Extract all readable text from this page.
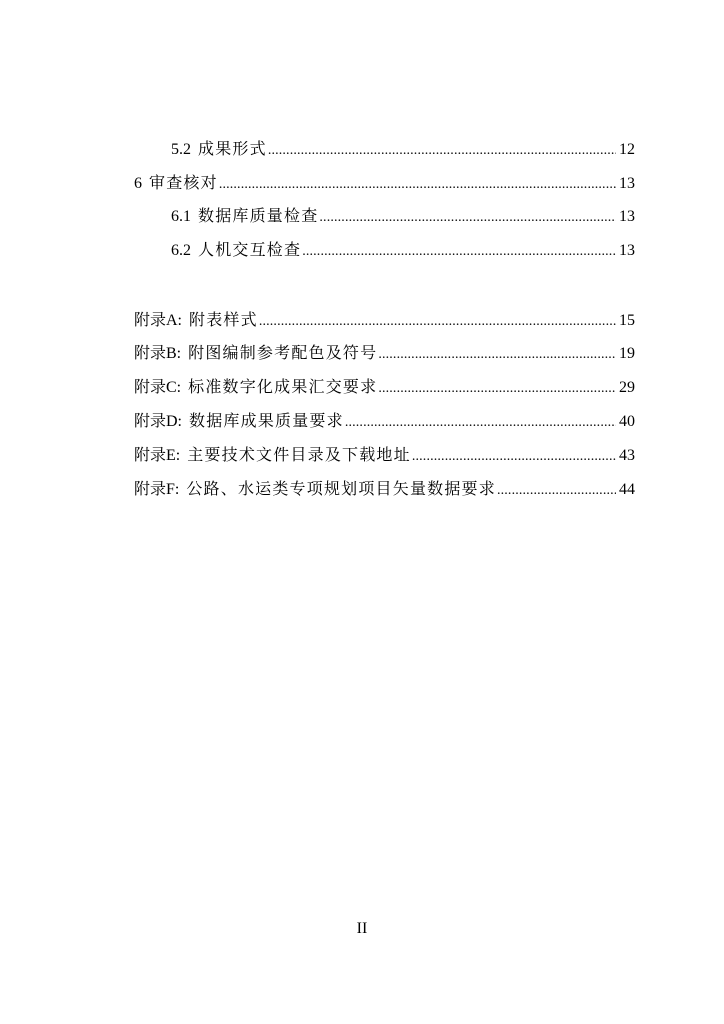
5.2 成果形式 .....	12
6 审查核对 .....	13
6.1 数据库质量检查 .....	13
6.2 人机交互检查 .....	13
附录A: 附表样式 .....	15
附录B: 附图编制参考配色及符号 .....	19
附录C: 标准数字化成果汇交要求 .....	29
附录D: 数据库成果质量要求 .....	40
附录E: 主要技术文件目录及下载地址 .....	43
附录F: 公路、水运类专项规划项目矢量数据要求 .....	44
II
